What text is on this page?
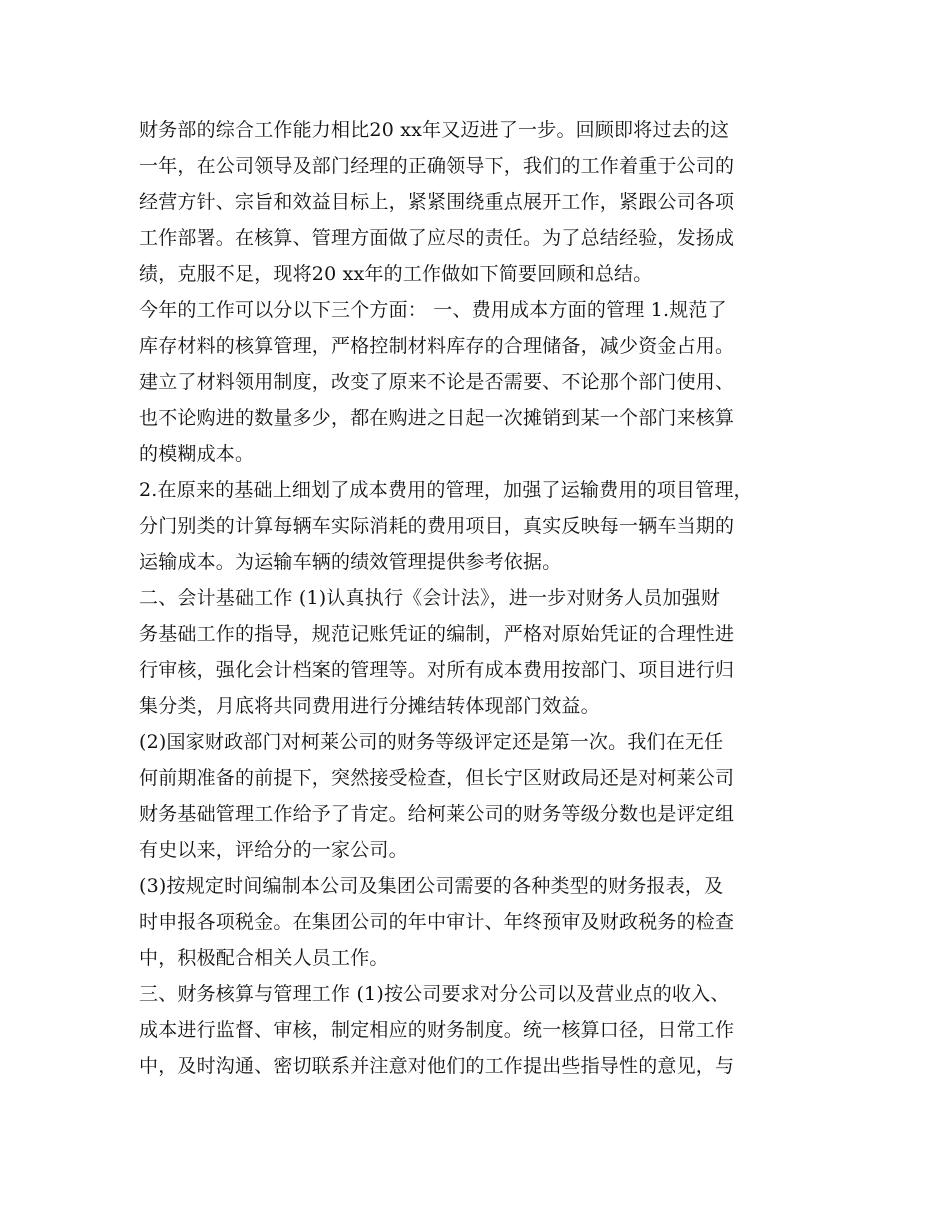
财务部的综合工作能力相比20 xx年又迈进了一步。回顾即将过去的这
一年，在公司领导及部门经理的正确领导下，我们的工作着重于公司的
经营方针、宗旨和效益目标上，紧紧围绕重点展开工作，紧跟公司各项
工作部署。在核算、管理方面做了应尽的责任。为了总结经验，发扬成
绩，克服不足，现将20 xx年的工作做如下简要回顾和总结。
今年的工作可以分以下三个方面： 一、费用成本方面的管理 1.规范了
库存材料的核算管理，严格控制材料库存的合理储备，减少资金占用。
建立了材料领用制度，改变了原来不论是否需要、不论那个部门使用、
也不论购进的数量多少，都在购进之日起一次摊销到某一个部门来核算
的模糊成本。
2.在原来的基础上细划了成本费用的管理，加强了运输费用的项目管理，
分门别类的计算每辆车实际消耗的费用项目，真实反映每一辆车当期的
运输成本。为运输车辆的绩效管理提供参考依据。
二、会计基础工作 (1)认真执行《会计法》，进一步对财务人员加强财
务基础工作的指导，规范记账凭证的编制，严格对原始凭证的合理性进
行审核，强化会计档案的管理等。对所有成本费用按部门、项目进行归
集分类，月底将共同费用进行分摊结转体现部门效益。
(2)国家财政部门对柯莱公司的财务等级评定还是第一次。我们在无任
何前期准备的前提下，突然接受检查，但长宁区财政局还是对柯莱公司
财务基础管理工作给予了肯定。给柯莱公司的财务等级分数也是评定组
有史以来，评给分的一家公司。
(3)按规定时间编制本公司及集团公司需要的各种类型的财务报表，及
时申报各项税金。在集团公司的年中审计、年终预审及财政税务的检查
中，积极配合相关人员工作。
三、财务核算与管理工作 (1)按公司要求对分公司以及营业点的收入、
成本进行监督、审核，制定相应的财务制度。统一核算口径，日常工作
中，及时沟通、密切联系并注意对他们的工作提出些指导性的意见，与
